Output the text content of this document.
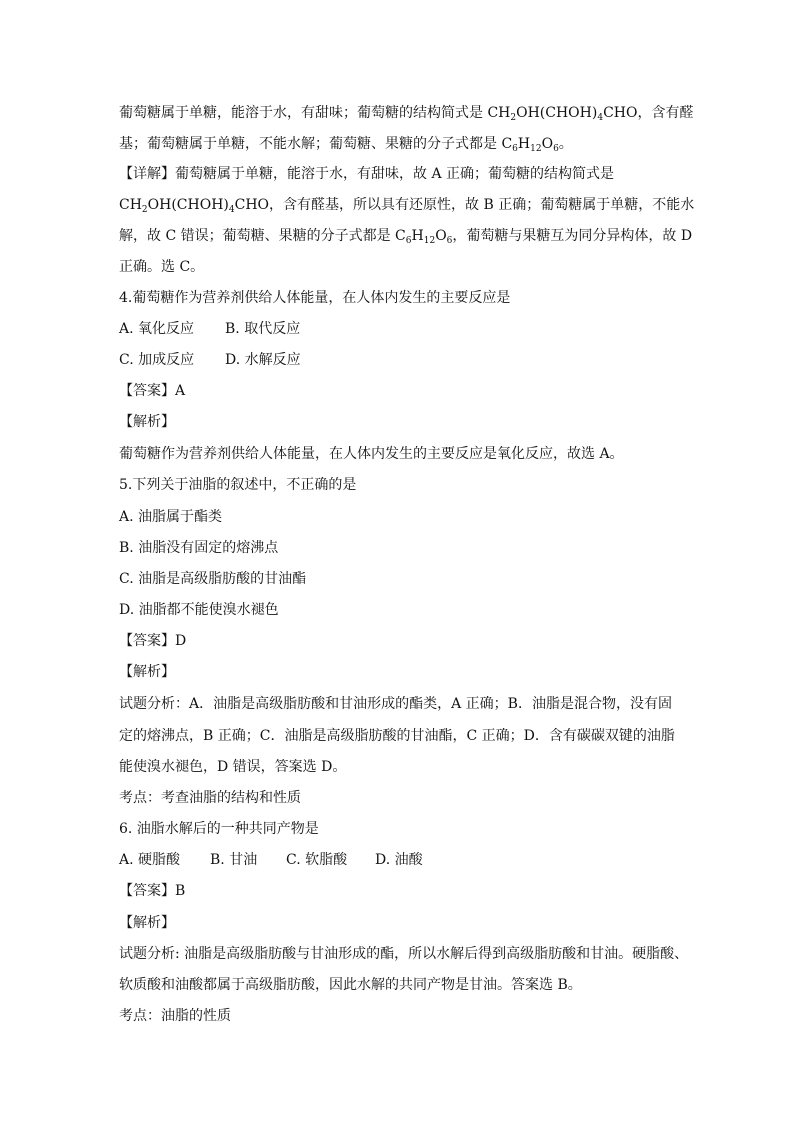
葡萄糖属于单糖，能溶于水，有甜味；葡萄糖的结构简式是 $CH_2OH(CHOH)_4CHO$，含有醛
基；葡萄糖属于单糖，不能水解；葡萄糖、果糖的分子式都是 $C_6H_{12}O_6$。
【详解】葡萄糖属于单糖，能溶于水，有甜味，故 A 正确；葡萄糖的结构简式是
$CH_2OH(CHOH)_4CHO$，含有醛基，所以具有还原性，故 B 正确；葡萄糖属于单糖，不能水
解，故 C 错误；葡萄糖、果糖的分子式都是 $C_6H_{12}O_6$，葡萄糖与果糖互为同分异构体，故 D
正确。选 C。
4.葡萄糖作为营养剂供给人体能量，在人体内发生的主要反应是
A. 氧化反应 B. 取代反应
C. 加成反应 D. 水解反应
【答案】A
【解析】
葡萄糖作为营养剂供给人体能量，在人体内发生的主要反应是氧化反应，故选 A。
5.下列关于油脂的叙述中，不正确的是
A. 油脂属于酯类
B. 油脂没有固定的熔沸点
C. 油脂是高级脂肪酸的甘油酯
D. 油脂都不能使溴水褪色
【答案】D
【解析】
试题分析：A．油脂是高级脂肪酸和甘油形成的酯类，A 正确；B．油脂是混合物，没有固
定的熔沸点，B 正确；C．油脂是高级脂肪酸的甘油酯，C 正确；D．含有碳碳双键的油脂
能使溴水褪色，D 错误，答案选 D。
考点：考查油脂的结构和性质
6. 油脂水解后的一种共同产物是
A. 硬脂酸 B. 甘油 C. 软脂酸 D. 油酸
【答案】B
【解析】
试题分析: 油脂是高级脂肪酸与甘油形成的酯，所以水解后得到高级脂肪酸和甘油。硬脂酸、
软质酸和油酸都属于高级脂肪酸，因此水解的共同产物是甘油。答案选 B。
考点：油脂的性质
